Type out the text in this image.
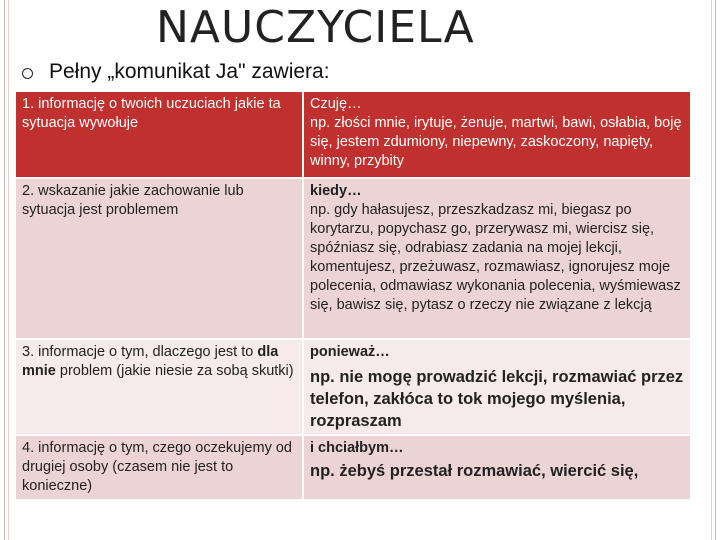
NAUCZYCIELA
Pełny „komunikat Ja" zawiera:
1. informację o twoich uczuciach jakie ta sytuacja wywołuje	Czuję…
np. złości mnie, irytuje, żenuje, martwi, bawi, osłabia, boję się, jestem zdumiony, niepewny, zaskoczony, napięty, winny, przybity

2. wskazanie jakie zachowanie lub sytuacja jest problemem	kiedy…
np. gdy hałasujesz, przeszkadzasz mi, biegasz po korytarzu, popychasz go, przerywasz mi, wiercisz się, spóźniasz się, odrabiasz zadania na mojej lekcji, komentujesz, przeżuwasz, rozmawiasz, ignorujesz moje polecenia, odmawiasz wykonania polecenia, wyśmiewasz się, bawisz się, pytasz o rzeczy nie związane z lekcją

3. informacje o tym, dlaczego jest to dla mnie problem (jakie niesie za sobą skutki)	ponieważ…
np. nie mogę prowadzić lekcji, rozmawiać przez telefon, zakłóca to tok mojego myślenia, rozpraszam

4. informację o tym, czego oczekujemy od drugiej osoby (czasem nie jest to konieczne)	i chciałbym…
np. żebyś przestał rozmawiać, wiercić się,
